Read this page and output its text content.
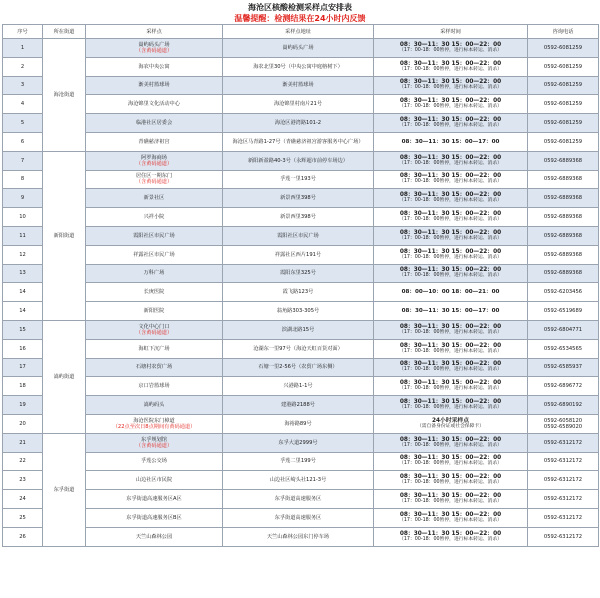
海沧区核酸检测采样点安排表
温馨提醒：检测结果在24小时内反馈
序号	所在街道	采样点	采样点地址	采样时间	咨询电话
1	海沧街道	嵩屿码头广场
（含黄码通道）	嵩屿码头广场	08：30—11：30 15：00—22：00
（17：00-18：00暂停，进行标本转运、消杀）	0592-6081259

2		海农中央公寓	海农北里30号（中央公寓中庭榕树下）	08：30—11：30 15：00—22：00
（17：00-18：00暂停，进行标本转运、消杀）	0592-6081259

3		渐美村篮球场	渐美村篮球场	08：30—11：30 15：00—22：00
（17：00-18：00暂停，进行标本转运、消杀）	0592-6081259

4		海沧锦里文化活动中心	海沧锦里村南片21号	08：30—11：30 15：00—22：00
（17：00-18：00暂停，进行标本转运、消杀）	0592-6081259

5		临港社区居委会	海沧区港湾路101-2	08：30—11：30 15：00—22：00
（17：00-18：00暂停，进行标本转运、消杀）	0592-6081259

6		青礁慈济祖宫	海沧区马青路1-27号（青礁慈济祖宫游客服务中心广场）	08：30—11：30 15：00—17：00	0592-6081259

7	新阳街道	阿罗海商场
（含黄码通道）	新阳新盈路40-3号（永辉超市前停车场边）	08：30—11：30 15：00—22：00
（17：00-18：00暂停，进行标本转运、消杀）	0592-6889368

8		居住区一期东门
（含黄码通道）	孚莲一里193号	08：30—11：30 15：00—22：00
（17：00-18：00暂停，进行标本转运、消杀）	0592-6889368

9		新景社区	新景西里398号	08：30—11：30 15：00—22：00
（17：00-18：00暂停，进行标本转运、消杀）	0592-6889368

10		兴祥小院	新景西里398号	08：30—11：30 15：00—22：00
（17：00-18：00暂停，进行标本转运、消杀）	0592-6889368

11		霞阳社区市民广场	霞阳社区市民广场	08：30—11：30 15：00—22：00
（17：00-18：00暂停，进行标本转运、消杀）	0592-6889368

12		祥露社区市民广场	祥露社区西片191号	08：30—11：30 15：00—22：00
（17：00-18：00暂停，进行标本转运、消杀）	0592-6889368

13		万科广场	霞阳东里325号	08：30—11：30 15：00—22：00
（17：00-18：00暂停，进行标本转运、消杀）	0592-6889368

14		长庚医院	霞飞路123号	08：00—10：00 18：00—21：00	0592-6203456

14		新阳医院	翁角路303-305号	08：30—11：30 15：00—17：00	0592-6519689

15	嵩屿街道	文化中心门口
（含黄码通道）	滨湖北路15号	08：30—11：30 15：00—22：00
（17：00-18：00暂停，进行标本转运、消杀）	0592-6804771

16		海虹下沉广场	沧湖东一里97号（海沧天虹百货对面）	08：30—11：30 15：00—22：00
（17：00-18：00暂停，进行标本转运、消杀）	0592-6534565

17		石塘村农贸广场	石塘一里2-56号（农贸广场东侧）	08：30—11：30 15：00—22：00
（17：00-18：00暂停，进行标本转运、消杀）	0592-6585937

18		京口岩篮球场	兴港路1-1号	08：30—11：30 15：00—22：00
（17：00-18：00暂停，进行标本转运、消杀）	0592-6896772

19		嵩屿码头	建港路2188号	08：30—11：30 15：00—22：00
（17：00-18：00暂停，进行标本转运、消杀）	0592-6890192

20		海沧医院东门樟道
（22点至次日8点期间有黄码通道）	海裕路89号	24小时采样点
（需自备身份证或社会保障卡）	0592-6058120
0592-6589020

21	东孚街道	东孚规划馆
（含黄码通道）	东孚大道2999号	08：30—11：30 15：00—22：00
（17：00-18：00暂停，进行标本转运、消杀）	0592-6312172

22		孚莲公交场	孚莲二里199号	08：30—11：30 15：00—22：00
（17：00-18：00暂停，进行标本转运、消杀）	0592-6312172

23		山边社区市民院	山边社区崎头社121-3号	08：30—11：30 15：00—22：00
（17：00-18：00暂停，进行标本转运、消杀）	0592-6312172

24		东孚街道高速服务区A区	东孚街道高速服务区	08：30—11：30 15：00—22：00
（17：00-18：00暂停，进行标本转运、消杀）	0592-6312172

25		东孚街道高速服务区B区	东孚街道高速服务区	08：30—11：30 15：00—22：00
（17：00-18：00暂停，进行标本转运、消杀）	0592-6312172

26		天竺山森林公园	天竺山森林公园东门停车场	08：30—11：30 15：00—22：00
（17：00-18：00暂停，进行标本转运、消杀）	0592-6312172
